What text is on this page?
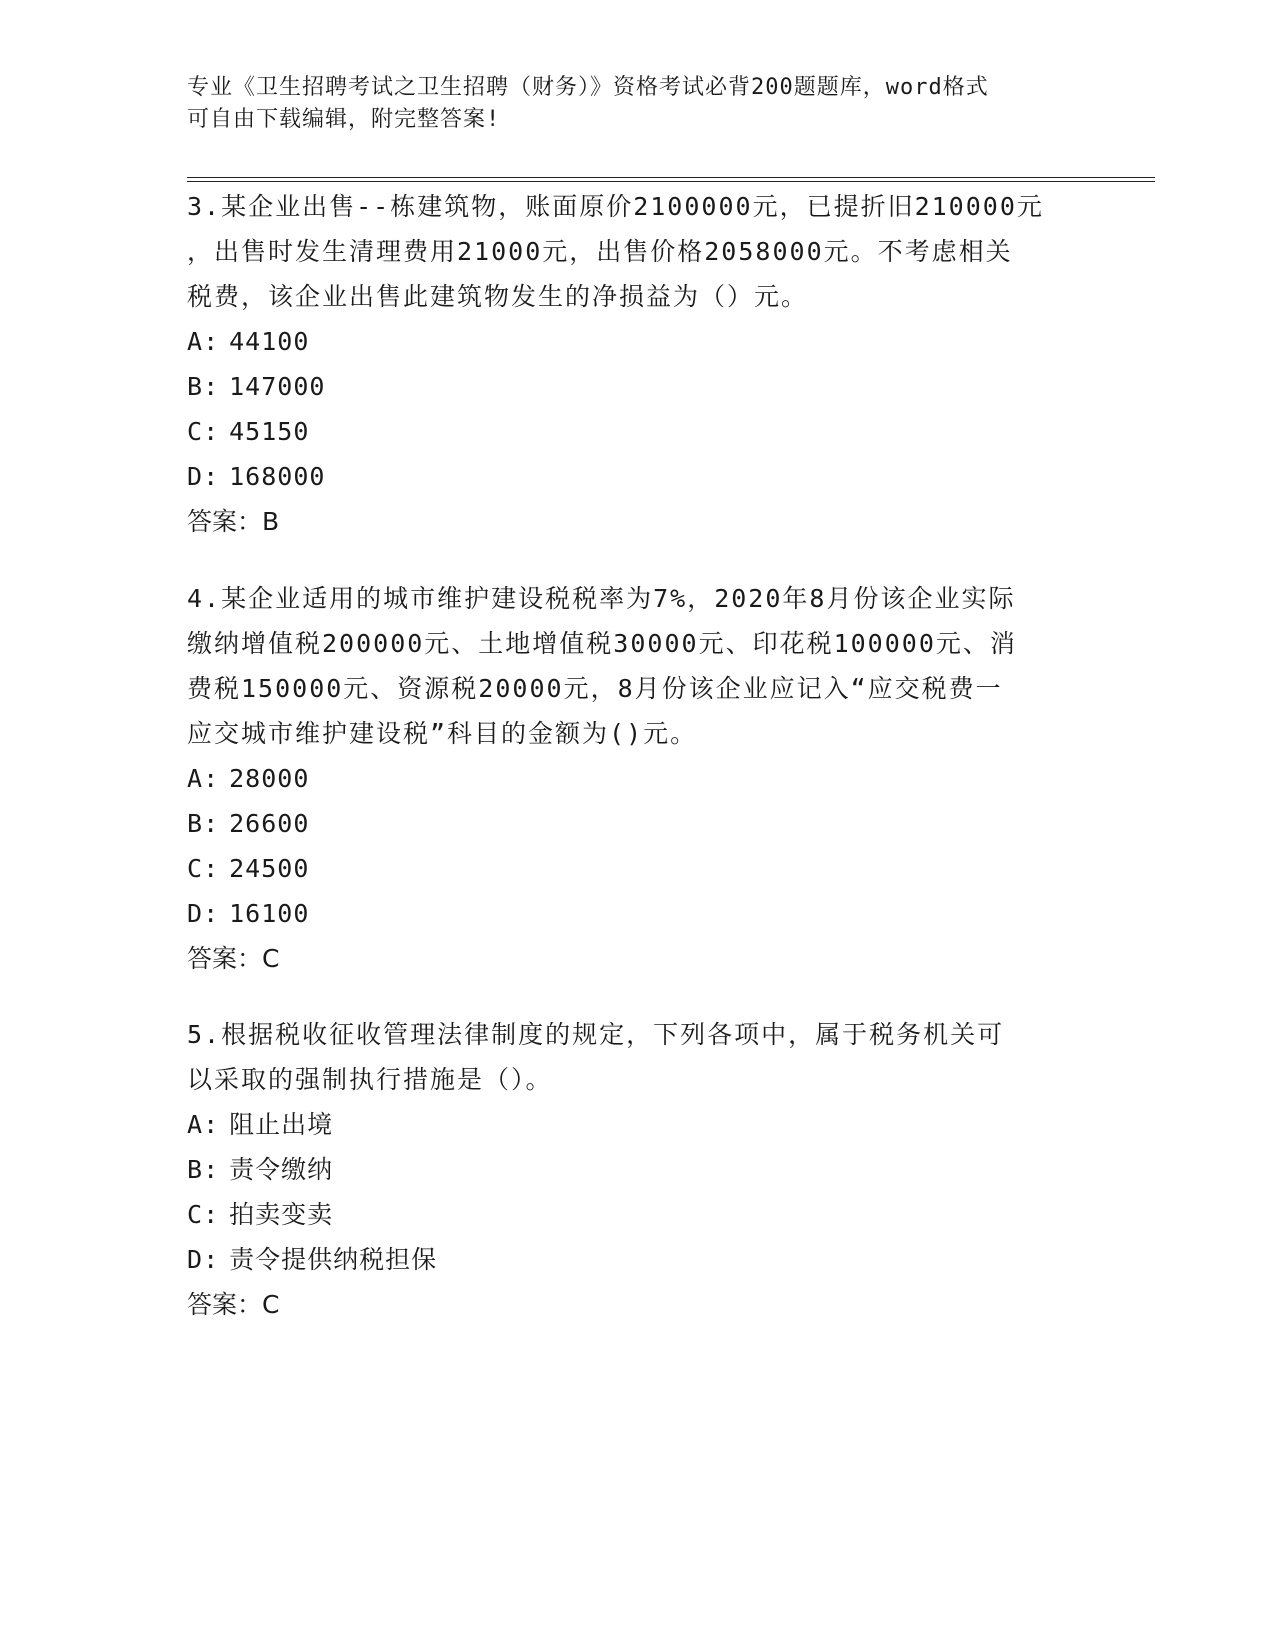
专业《卫生招聘考试之卫生招聘（财务）》资格考试必背200题题库，word格式
可自由下载编辑，附完整答案!

3.某企业出售--栋建筑物，账面原价2100000元，已提折旧210000元

，出售时发生清理费用21000元，出售价格2058000元。不考虑相关

税费，该企业出售此建筑物发生的净损益为（）元。

A: 44100

B: 147000

C: 45150

D: 168000

答案：B

4.某企业适用的城市维护建设税税率为7%，2020年8月份该企业实际

缴纳增值税200000元、土地增值税30000元、印花税100000元、消

费税150000元、资源税20000元，8月份该企业应记入“应交税费一

应交城市维护建设税”科目的金额为()元。

A: 28000

B: 26600

C: 24500

D: 16100

答案：C

5.根据税收征收管理法律制度的规定，下列各项中，属于税务机关可

以采取的强制执行措施是（）。

A: 阻止出境

B: 责令缴纳

C: 拍卖变卖

D: 责令提供纳税担保

答案：C
